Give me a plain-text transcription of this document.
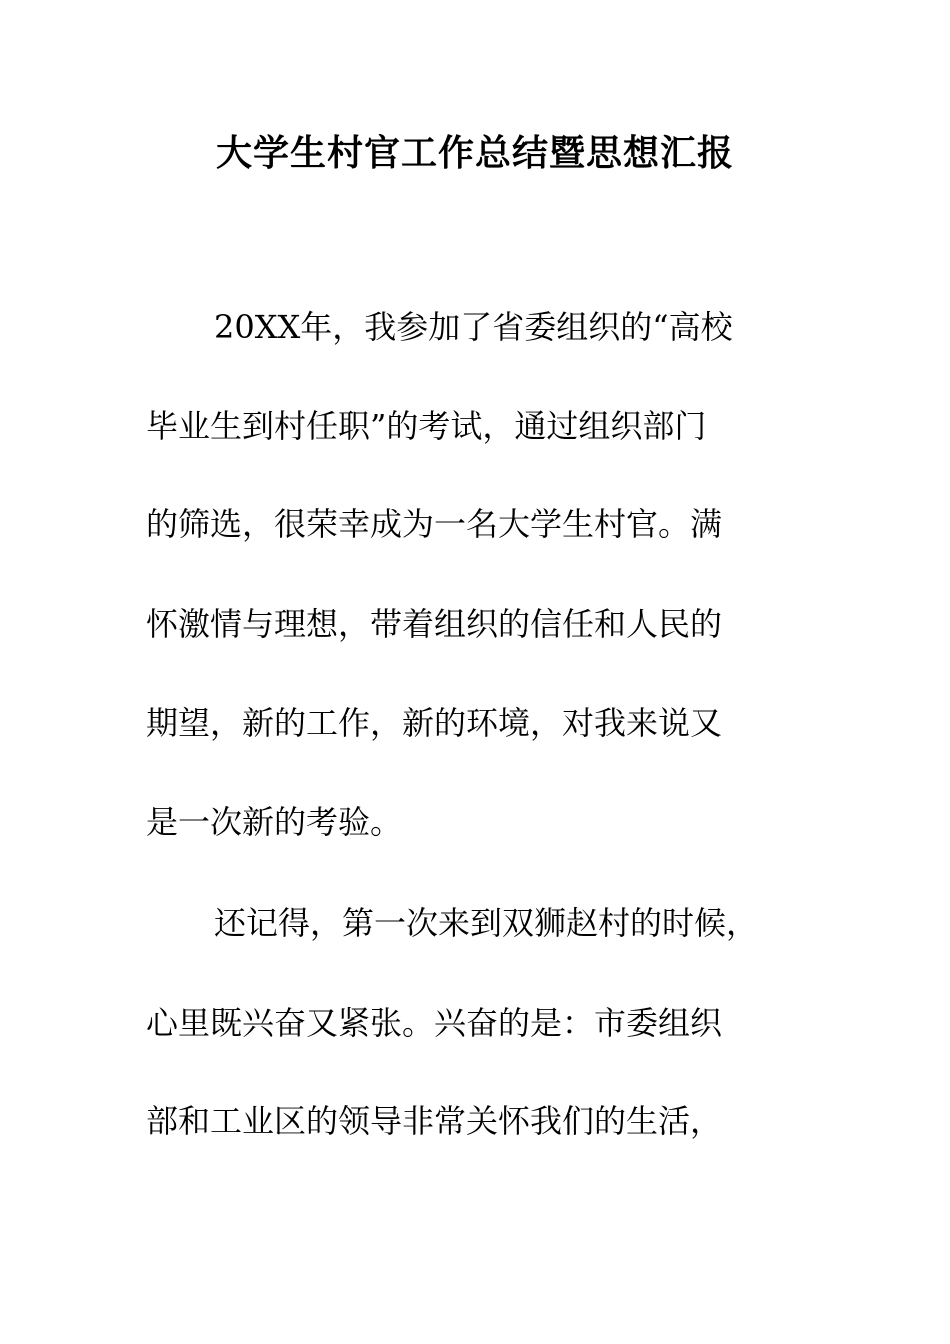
大学生村官工作总结暨思想汇报

20XX年，我参加了省委组织的“高校

毕业生到村任职”的考试，通过组织部门

的筛选，很荣幸成为一名大学生村官。满

怀激情与理想，带着组织的信任和人民的

期望，新的工作，新的环境，对我来说又

是一次新的考验。

还记得，第一次来到双狮赵村的时候，

心里既兴奋又紧张。兴奋的是：市委组织

部和工业区的领导非常关怀我们的生活，
